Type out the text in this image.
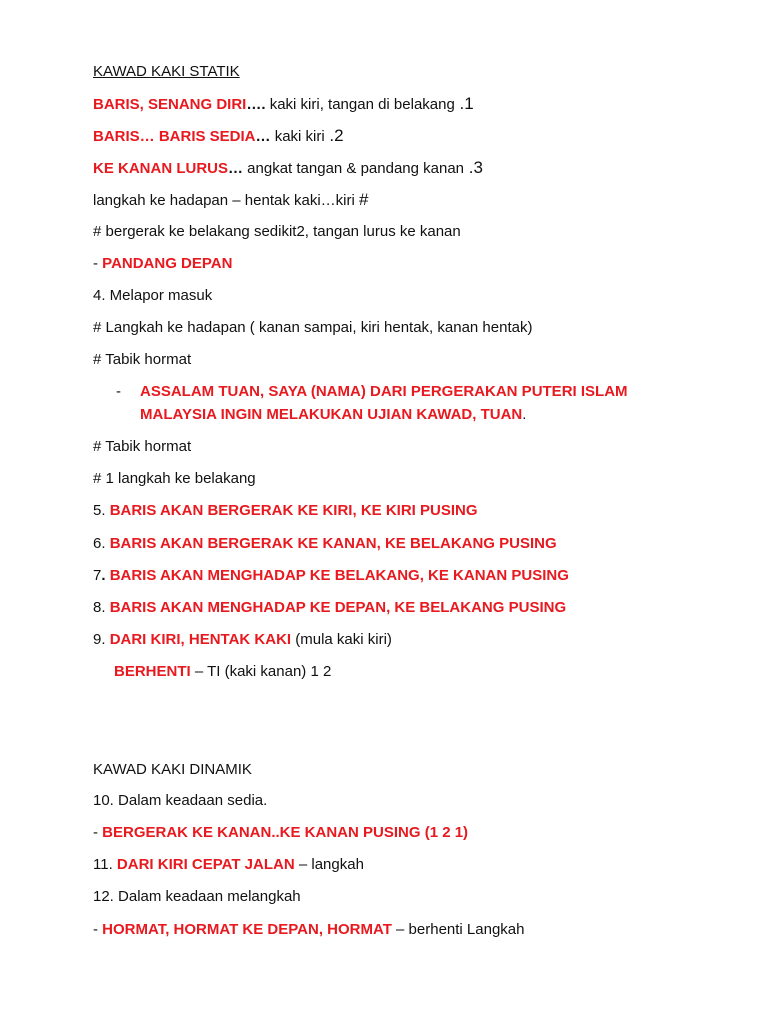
KAWAD KAKI STATIK
BARIS, SENANG DIRI…. kaki kiri, tangan di belakang .1
BARIS… BARIS SEDIA… kaki kiri .2
KE KANAN LURUS… angkat tangan & pandang kanan .3
langkah ke hadapan – hentak kaki…kiri #
# bergerak ke belakang sedikit2, tangan lurus ke kanan
- PANDANG DEPAN
4. Melapor masuk
# Langkah ke hadapan ( kanan sampai, kiri hentak, kanan hentak)
# Tabik hormat
- ASSALAM TUAN, SAYA (NAMA) DARI PERGERAKAN PUTERI ISLAM
MALAYSIA INGIN MELAKUKAN UJIAN KAWAD, TUAN.
# Tabik hormat
# 1 langkah ke belakang
5. BARIS AKAN BERGERAK KE KIRI, KE KIRI PUSING
6. BARIS AKAN BERGERAK KE KANAN, KE BELAKANG PUSING
7. BARIS AKAN MENGHADAP KE BELAKANG, KE KANAN PUSING
8. BARIS AKAN MENGHADAP KE DEPAN, KE BELAKANG PUSING
9. DARI KIRI, HENTAK KAKI (mula kaki kiri)
BERHENTI – TI (kaki kanan) 1 2
KAWAD KAKI DINAMIK
10. Dalam keadaan sedia.
- BERGERAK KE KANAN..KE KANAN PUSING (1 2 1)
11. DARI KIRI CEPAT JALAN – langkah
12. Dalam keadaan melangkah
- HORMAT, HORMAT KE DEPAN, HORMAT – berhenti Langkah
